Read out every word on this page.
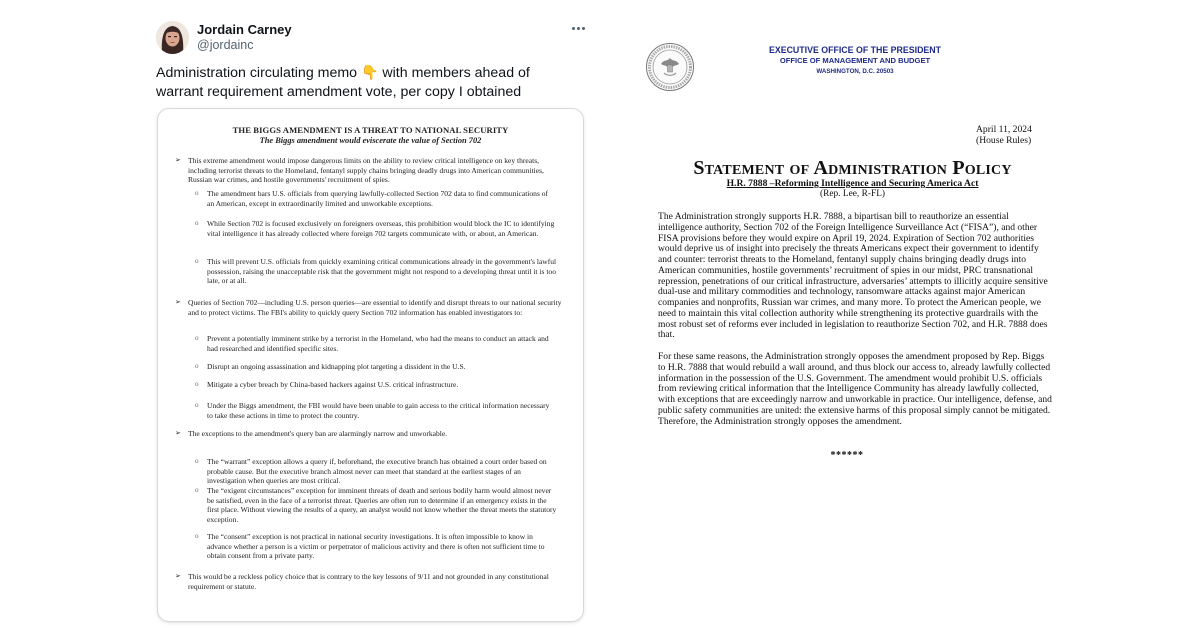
Jordain Carney
@jordainc
Administration circulating memo 👇 with members ahead of warrant requirement amendment vote, per copy I obtained
THE BIGGS AMENDMENT IS A THREAT TO NATIONAL SECURITY
The Biggs amendment would eviscerate the value of Section 702
➢ This extreme amendment would impose dangerous limits on the ability to review critical intelligence on key threats, including terrorist threats to the Homeland, fentanyl supply chains bringing deadly drugs into American communities, Russian war crimes, and hostile governments' recruitment of spies.
o The amendment bars U.S. officials from querying lawfully-collected Section 702 data to find communications of an American, except in extraordinarily limited and unworkable exceptions.
o While Section 702 is focused exclusively on foreigners overseas, this prohibition would block the IC to identifying vital intelligence it has already collected where foreign 702 targets communicate with, or about, an American.
o This will prevent U.S. officials from quickly examining critical communications already in the government's lawful possession, raising the unacceptable risk that the government might not respond to a developing threat until it is too late, or at all.
➢ Queries of Section 702—including U.S. person queries—are essential to identify and disrupt threats to our national security and to protect victims. The FBI's ability to quickly query Section 702 information has enabled investigators to:
o Prevent a potentially imminent strike by a terrorist in the Homeland, who had the means to conduct an attack and had researched and identified specific sites.
o Disrupt an ongoing assassination and kidnapping plot targeting a dissident in the U.S.
o Mitigate a cyber breach by China-based hackers against U.S. critical infrastructure.
o Under the Biggs amendment, the FBI would have been unable to gain access to the critical information necessary to take these actions in time to protect the country.
➢ The exceptions to the amendment's query ban are alarmingly narrow and unworkable.
o The “warrant” exception allows a query if, beforehand, the executive branch has obtained a court order based on probable cause. But the executive branch almost never can meet that standard at the earliest stages of an investigation when queries are most critical.
o The “exigent circumstances” exception for imminent threats of death and serious bodily harm would almost never be satisfied, even in the face of a terrorist threat. Queries are often run to determine if an emergency exists in the first place. Without viewing the results of a query, an analyst would not know whether the threat meets the statutory exception.
o The “consent” exception is not practical in national security investigations. It is often impossible to know in advance whether a person is a victim or perpetrator of malicious activity and there is often not sufficient time to obtain consent from a private party.
➢ This would be a reckless policy choice that is contrary to the key lessons of 9/11 and not grounded in any constitutional requirement or statute.
EXECUTIVE OFFICE OF THE PRESIDENT
OFFICE OF MANAGEMENT AND BUDGET
WASHINGTON, D.C. 20503
April 11, 2024
(House Rules)
Statement of Administration Policy
H.R. 7888 –Reforming Intelligence and Securing America Act
(Rep. Lee, R-FL)
The Administration strongly supports H.R. 7888, a bipartisan bill to reauthorize an essential intelligence authority, Section 702 of the Foreign Intelligence Surveillance Act (“FISA”), and other FISA provisions before they would expire on April 19, 2024. Expiration of Section 702 authorities would deprive us of insight into precisely the threats Americans expect their government to identify and counter: terrorist threats to the Homeland, fentanyl supply chains bringing deadly drugs into American communities, hostile governments’ recruitment of spies in our midst, PRC transnational repression, penetrations of our critical infrastructure, adversaries’ attempts to illicitly acquire sensitive dual-use and military commodities and technology, ransomware attacks against major American companies and nonprofits, Russian war crimes, and many more. To protect the American people, we need to maintain this vital collection authority while strengthening its protective guardrails with the most robust set of reforms ever included in legislation to reauthorize Section 702, and H.R. 7888 does that.
For these same reasons, the Administration strongly opposes the amendment proposed by Rep. Biggs to H.R. 7888 that would rebuild a wall around, and thus block our access to, already lawfully collected information in the possession of the U.S. Government. The amendment would prohibit U.S. officials from reviewing critical information that the Intelligence Community has already lawfully collected, with exceptions that are exceedingly narrow and unworkable in practice. Our intelligence, defense, and public safety communities are united: the extensive harms of this proposal simply cannot be mitigated. Therefore, the Administration strongly opposes the amendment.
******
